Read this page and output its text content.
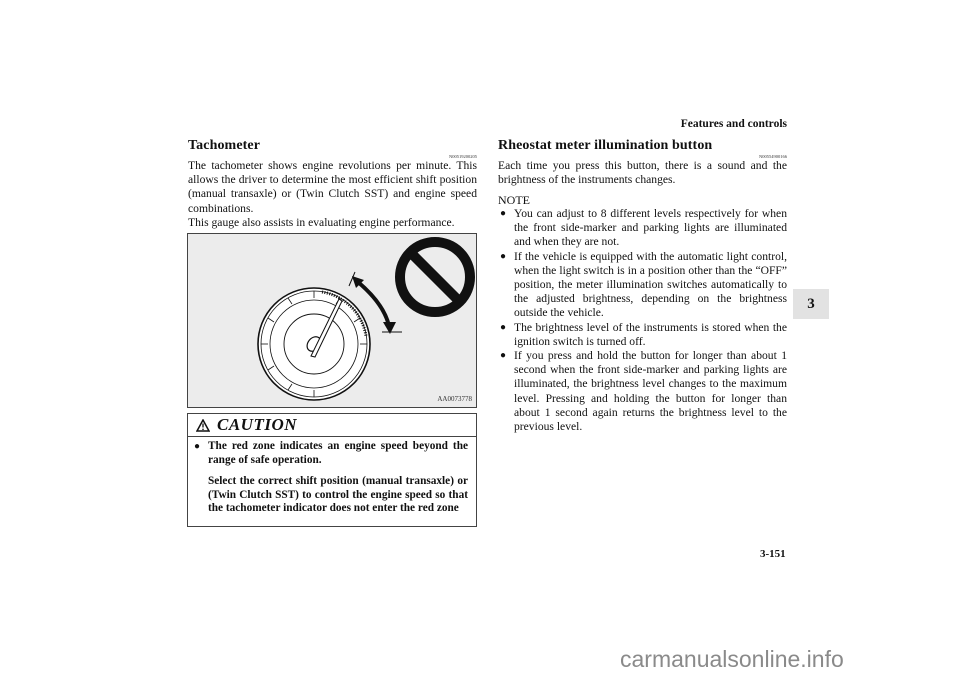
Features and controls
Tachometer
N00519200205
The tachometer shows engine revolutions per minute. This allows the driver to determine the most efficient shift position (manual transaxle) or (Twin Clutch SST) and engine speed combinations.
This gauge also assists in evaluating engine performance.
AA0073778
CAUTION
● The red zone indicates an engine speed beyond the range of safe operation.
Select the correct shift position (manual transaxle) or (Twin Clutch SST) to control the engine speed so that the tachometer indicator does not enter the red zone
Rheostat meter illumination button
N00554900166
Each time you press this button, there is a sound and the brightness of the instruments changes.
NOTE
● You can adjust to 8 different levels respectively for when the front side-marker and parking lights are illuminated and when they are not.
● If the vehicle is equipped with the automatic light control, when the light switch is in a position other than the “OFF” position, the meter illumination switches automatically to the adjusted brightness, depending on the brightness outside the vehicle.
● The brightness level of the instruments is stored when the ignition switch is turned off.
● If you press and hold the button for longer than about 1 second when the front side-marker and parking lights are illuminated, the brightness level changes to the maximum level. Pressing and holding the button for longer than about 1 second again returns the brightness level to the previous level.
3
3-151
carmanualsonline.info
